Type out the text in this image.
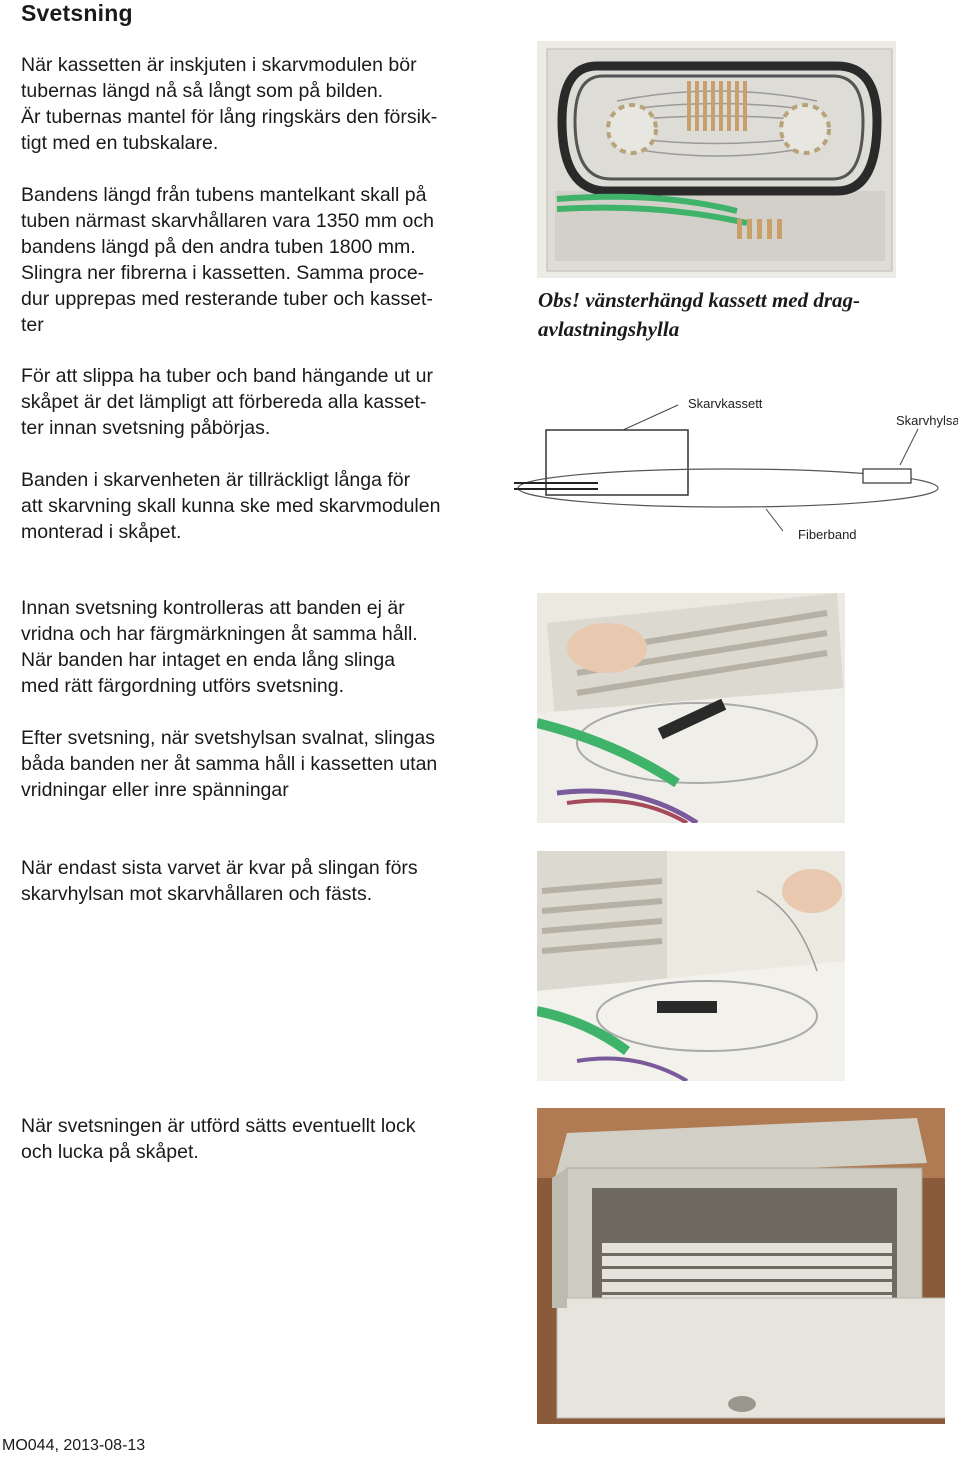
Svetsning

När kassetten är inskjuten i skarvmodulen bör
tubernas längd nå så långt som på bilden.
Är tubernas mantel för lång ringskärs den försik-
tigt med en tubskalare.

Bandens längd från tubens mantelkant skall på
tuben närmast skarvhållaren vara 1350 mm och
bandens längd på den andra tuben 1800 mm.
Slingra ner fibrerna i kassetten. Samma proce-
dur upprepas med resterande tuber och kasset-
ter

För att slippa ha tuber och band hängande ut ur
skåpet är det lämpligt att förbereda alla kasset-
ter innan svetsning påbörjas.

Banden i skarvenheten är tillräckligt långa för
att skarvning skall kunna ske med skarvmodulen
monterad i skåpet.

Innan svetsning kontrolleras att banden ej är
vridna och har färgmärkningen åt samma håll.
När banden har intaget en enda lång slinga
med rätt färgordning utförs svetsning.

Efter svetsning, när svetshylsan svalnat, slingas
båda banden ner åt samma håll i kassetten utan
vridningar eller inre spänningar

När endast sista varvet är kvar på slingan förs
skarvhylsan mot skarvhållaren och fästs.

När svetsningen är utförd sätts eventuellt lock
och lucka på skåpet.

Obs! vänsterhängd kassett med drag-
avlastningshylla

Skarvkassett
Skarvhylsa
Fiberband

MO044, 2013-08-13
